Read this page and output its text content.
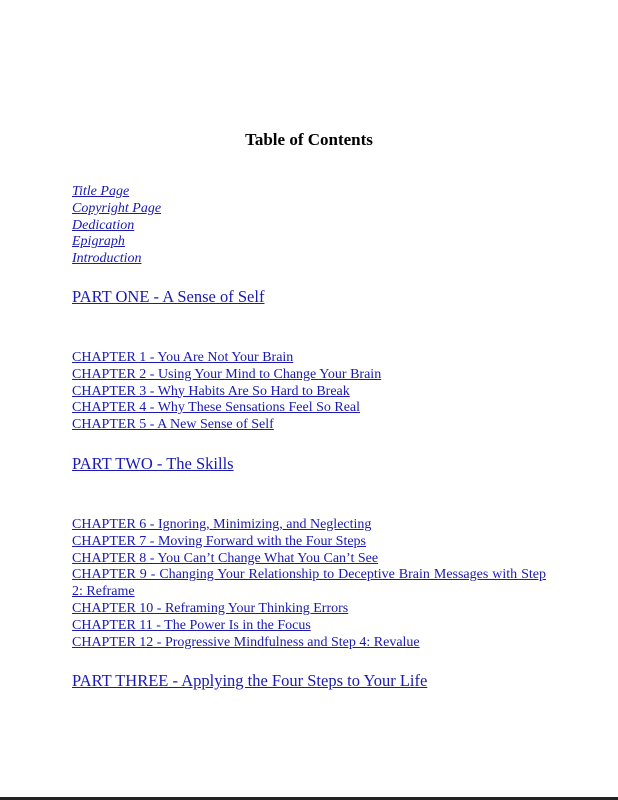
Table of Contents
Title Page
Copyright Page
Dedication
Epigraph
Introduction
PART ONE - A Sense of Self
CHAPTER 1 - You Are Not Your Brain
CHAPTER 2 - Using Your Mind to Change Your Brain
CHAPTER 3 - Why Habits Are So Hard to Break
CHAPTER 4 - Why These Sensations Feel So Real
CHAPTER 5 - A New Sense of Self
PART TWO - The Skills
CHAPTER 6 - Ignoring, Minimizing, and Neglecting
CHAPTER 7 - Moving Forward with the Four Steps
CHAPTER 8 - You Can’t Change What You Can’t See
CHAPTER 9 - Changing Your Relationship to Deceptive Brain Messages with Step 2: Reframe
CHAPTER 10 - Reframing Your Thinking Errors
CHAPTER 11 - The Power Is in the Focus
CHAPTER 12 - Progressive Mindfulness and Step 4: Revalue
PART THREE - Applying the Four Steps to Your Life
